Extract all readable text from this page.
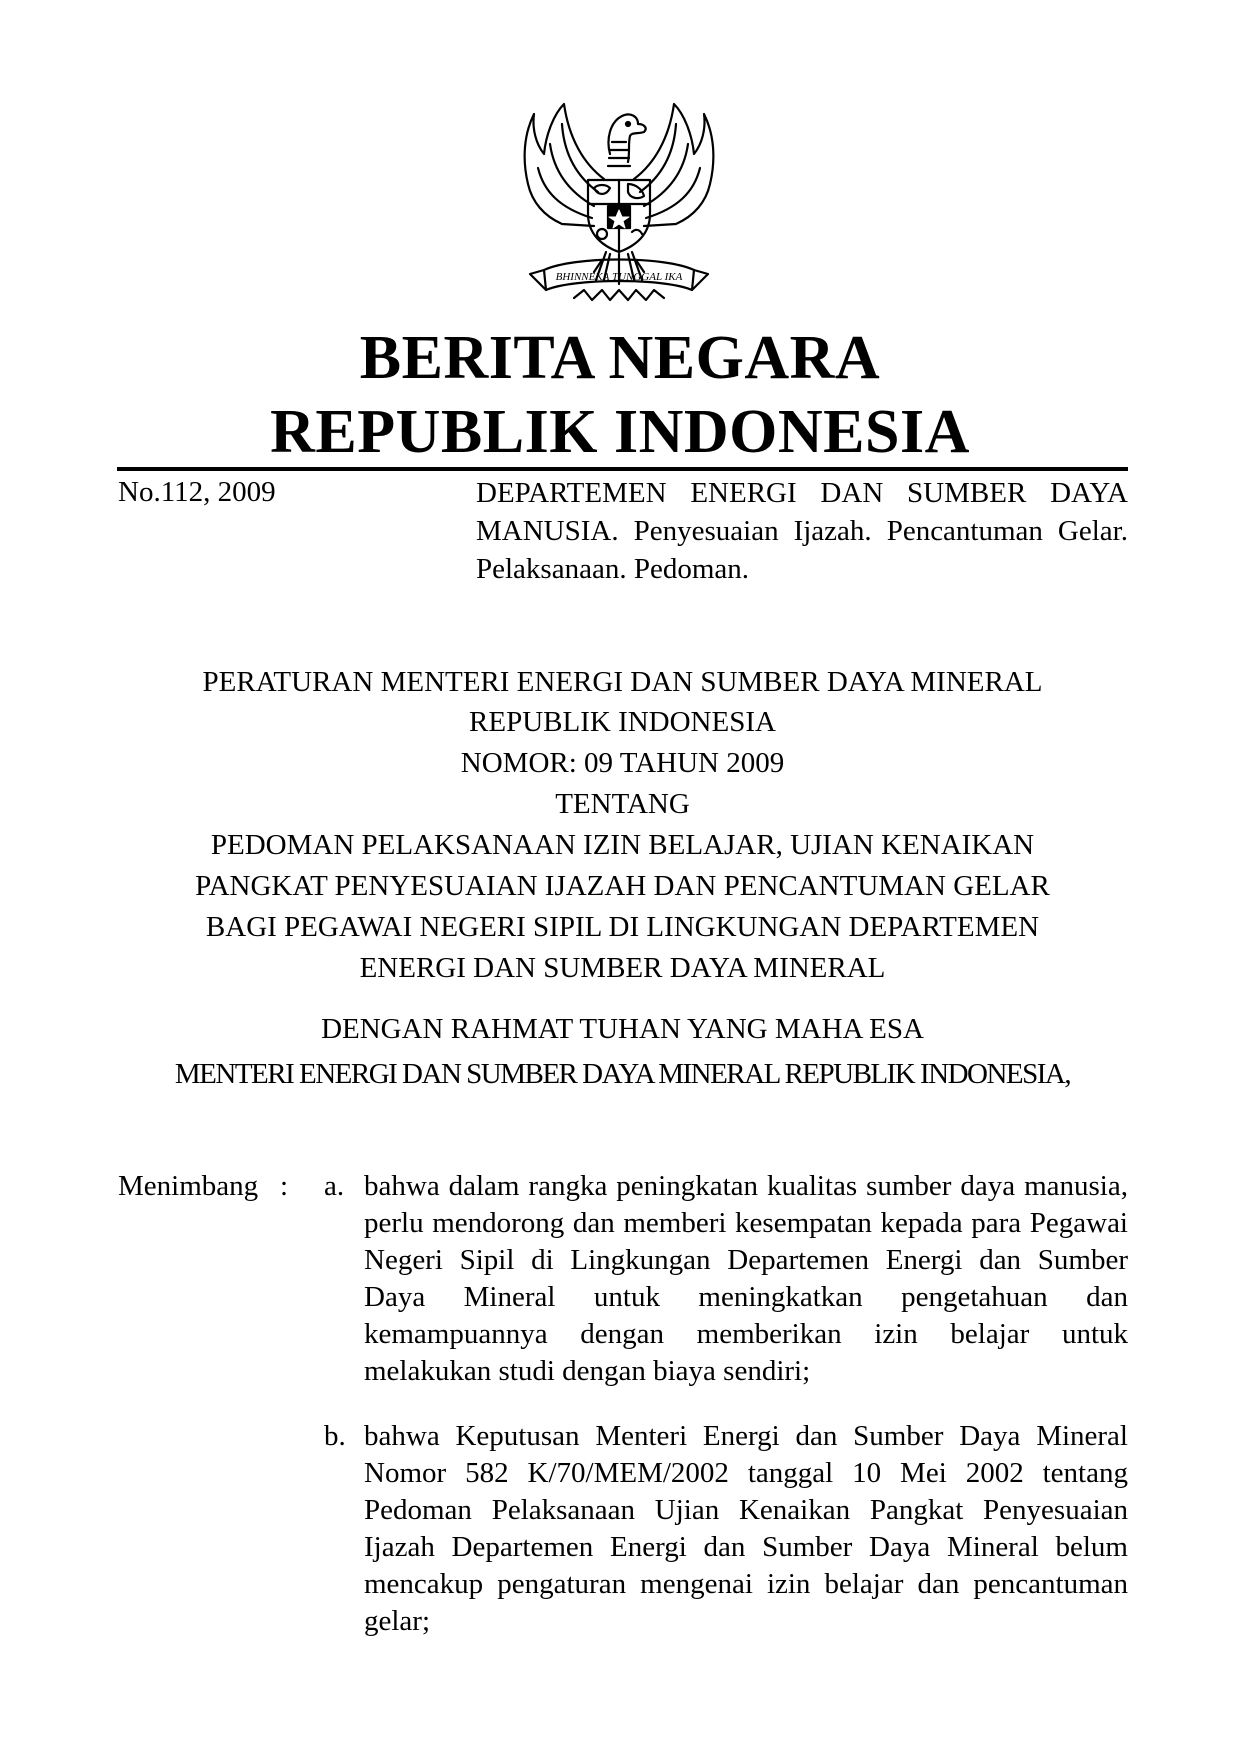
BHINNEKA TUNGGAL IKA
BERITA NEGARA
REPUBLIK INDONESIA
No.112, 2009	DEPARTEMEN ENERGI DAN SUMBER DAYA MANUSIA. Penyesuaian Ijazah. Pencantuman Gelar. Pelaksanaan. Pedoman.
PERATURAN MENTERI ENERGI DAN SUMBER DAYA MINERAL
REPUBLIK INDONESIA
NOMOR: 09 TAHUN 2009
TENTANG
PEDOMAN PELAKSANAAN IZIN BELAJAR, UJIAN KENAIKAN
PANGKAT PENYESUAIAN IJAZAH DAN PENCANTUMAN GELAR
BAGI PEGAWAI NEGERI SIPIL DI LINGKUNGAN DEPARTEMEN
ENERGI DAN SUMBER DAYA MINERAL
DENGAN RAHMAT TUHAN YANG MAHA ESA
MENTERI ENERGI DAN SUMBER DAYA MINERAL REPUBLIK INDONESIA,
Menimbang : a. bahwa dalam rangka peningkatan kualitas sumber daya manusia, perlu mendorong dan memberi kesempatan kepada para Pegawai Negeri Sipil di Lingkungan Departemen Energi dan Sumber Daya Mineral untuk meningkatkan pengetahuan dan kemampuannya dengan memberikan izin belajar untuk melakukan studi dengan biaya sendiri;
b. bahwa Keputusan Menteri Energi dan Sumber Daya Mineral Nomor 582 K/70/MEM/2002 tanggal 10 Mei 2002 tentang Pedoman Pelaksanaan Ujian Kenaikan Pangkat Penyesuaian Ijazah Departemen Energi dan Sumber Daya Mineral belum mencakup pengaturan mengenai izin belajar dan pencantuman gelar;
